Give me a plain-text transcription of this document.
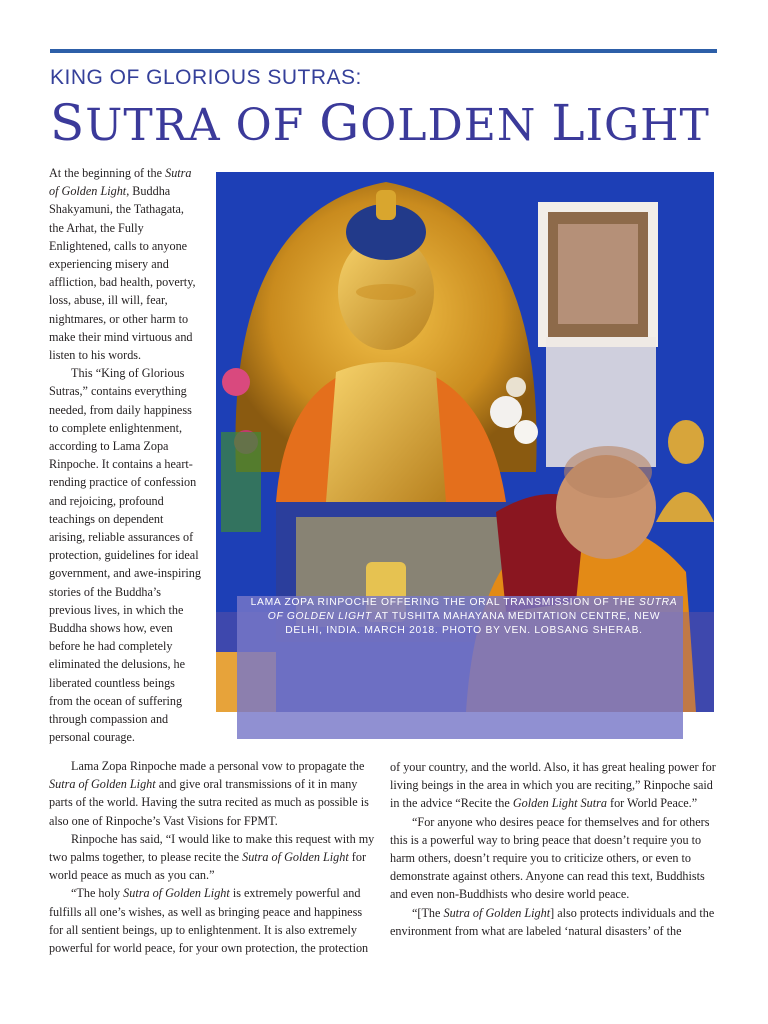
KING OF GLORIOUS SUTRAS:
SUTRA OF GOLDEN LIGHT
LAMA ZOPA RINPOCHE OFFERING THE ORAL TRANSMISSION OF THE SUTRA OF GOLDEN LIGHT AT TUSHITA MAHAYANA MEDITATION CENTRE, NEW DELHI, INDIA. MARCH 2018. PHOTO BY VEN. LOBSANG SHERAB.

At the beginning of the Sutra of Golden Light, Buddha Shakyamuni, the Tathagata, the Arhat, the Fully Enlightened, calls to anyone experiencing misery and affliction, bad health, poverty, loss, abuse, ill will, fear, nightmares, or other harm to make their mind virtuous and listen to his words.

This “King of Glorious Sutras,” contains everything needed, from daily happiness to complete enlightenment, according to Lama Zopa Rinpoche. It contains a heart- rending practice of confession and rejoicing, profound teachings on dependent arising, reliable assurances of protection, guidelines for ideal government, and awe-inspiring stories of the Buddha’s previous lives, in which the Buddha shows how, even before he had completely eliminated the delusions, he liberated countless beings from the ocean of suffering through compassion and personal courage.

Lama Zopa Rinpoche made a personal vow to propagate the Sutra of Golden Light and give oral transmissions of it in many parts of the world. Having the sutra recited as much as possible is also one of Rinpoche’s Vast Visions for FPMT.

Rinpoche has said, “I would like to make this request with my two palms together, to please recite the Sutra of Golden Light for world peace as much as you can.”

“The holy Sutra of Golden Light is extremely powerful and fulfills all one’s wishes, as well as bringing peace and happiness for all sentient beings, up to enlightenment. It is also extremely powerful for world peace, for your own protection, the protection

of your country, and the world. Also, it has great healing power for living beings in the area in which you are reciting,” Rinpoche said in the advice “Recite the Golden Light Sutra for World Peace.”

“For anyone who desires peace for themselves and for others this is a powerful way to bring peace that doesn’t require you to harm others, doesn’t require you to criticize others, or even to demonstrate against others. Anyone can read this text, Buddhists and even non-Buddhists who desire world peace.

“[The Sutra of Golden Light] also protects individuals and the environment from what are labeled ‘natural disasters’ of the
